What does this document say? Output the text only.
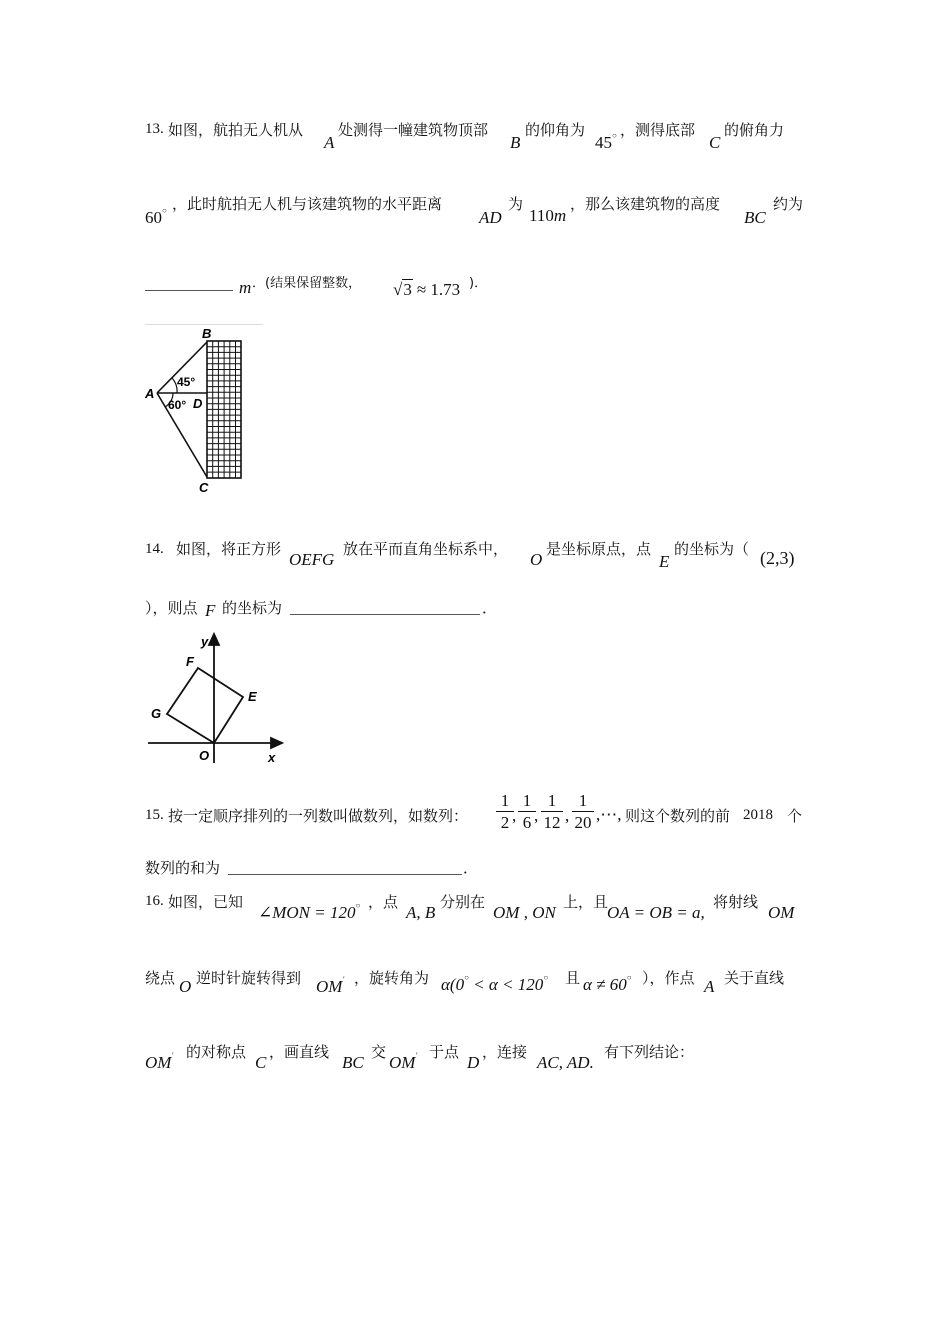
13. 如图，航拍无人机从
A
处测得一幢建筑物顶部
B
的仰角为
45○ ，测得底部
C
的俯角力
60○ ，此时航拍无人机与该建筑物的水平距离
AD
为
110m
，那么该建筑物的高度
BC
约为
m ．(结果保留整数， √3 ≈ 1.73 )．
B
A
C
D
45°
60°
14. 如图，将正方形
OEFG
放在平而直角坐标系中，
O
是坐标原点，点
E
的坐标为（ (2,3)
），则点 F 的坐标为	．
y
x
F
E
G
O
15. 按一定顺序排列的一列数叫做数列，如数列：
1
2 ,
1
6 ,
1
12 ,
1
20 ,⋯, 则这个数列的前 2018 个
数列的和为	．
16. 如图，已知
∠MON = 120○ ，点
A, B
分别在
OM , ON
上，且
OA = OB = a,
将射线
OM
绕点 O 逆时针旋转得到 OM′ ，旋转角为 α(0○ < α < 120○ 且 α ≠ 60○ ），作点 A 关于直线
OM′ 的对称点
C
，画直线
BC
交
OM′ 于点
D
，连接
AC, AD.
有下列结论：
